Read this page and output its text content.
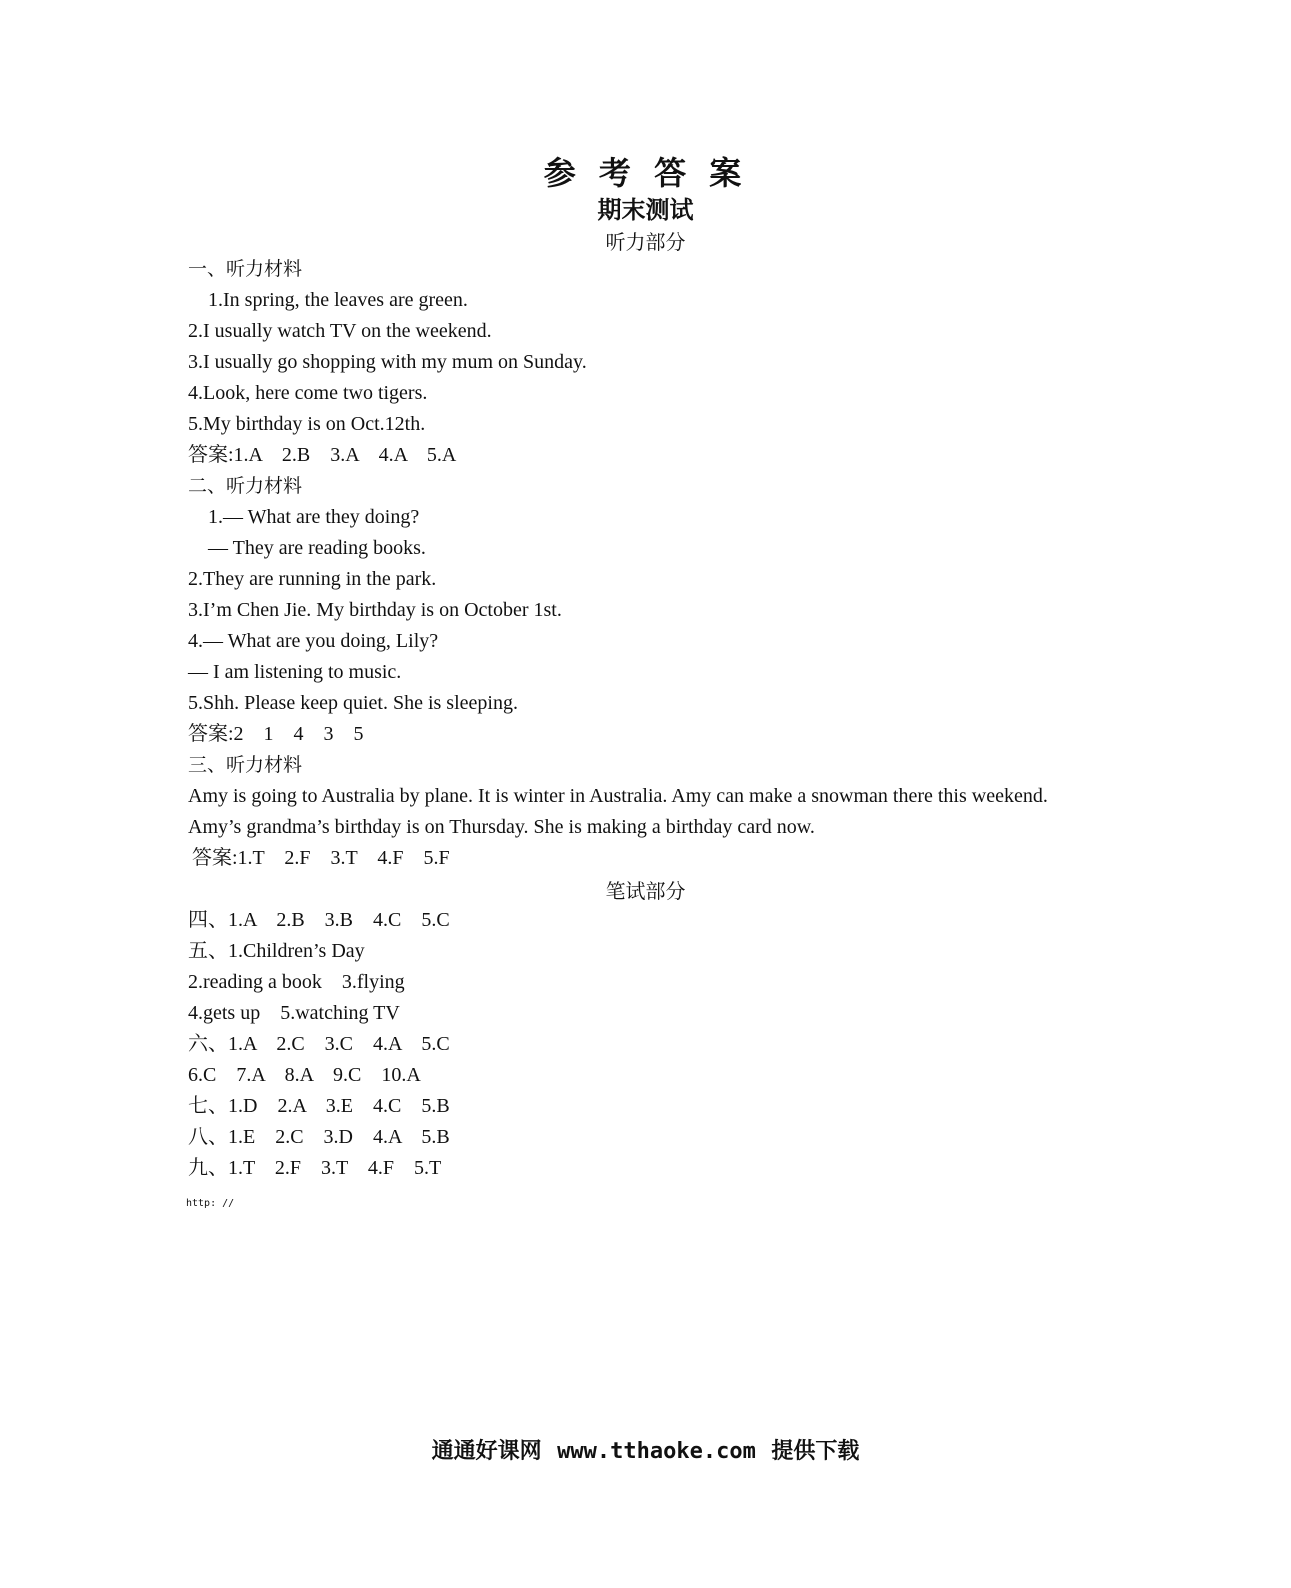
参 考 答 案
期末测试
听力部分
一、听力材料
1.In spring, the leaves are green.
2.I usually watch TV on the weekend.
3.I usually go shopping with my mum on Sunday.
4.Look, here come two tigers.
5.My birthday is on Oct.12th.
答案:1.A    2.B    3.A    4.A    5.A
二、听力材料
1.— What are they doing?
— They are reading books.
2.They are running in the park.
3.I’m Chen Jie. My birthday is on October 1st.
4.— What are you doing, Lily?
— I am listening to music.
5.Shh. Please keep quiet. She is sleeping.
答案:2    1    4    3    5
三、听力材料
Amy is going to Australia by plane. It is winter in Australia. Amy can make a snowman there this weekend. Amy’s grandma’s birthday is on Thursday. She is making a birthday card now.
答案:1.T    2.F    3.T    4.F    5.F
四、1.A    2.B    3.B    4.C    5.C
五、1.Children’s Day
2.reading a book    3.flying
4.gets up    5.watching TV
六、1.A    2.C    3.C    4.A    5.C
6.C    7.A    8.A    9.C    10.A
七、1.D    2.A    3.E    4.C    5.B
八、1.E    2.C    3.D    4.A    5.B
九、1.T    2.F    3.T    4.F    5.T
笔试部分
http: //
通通好课网 www.tthaoke.com 提供下载
